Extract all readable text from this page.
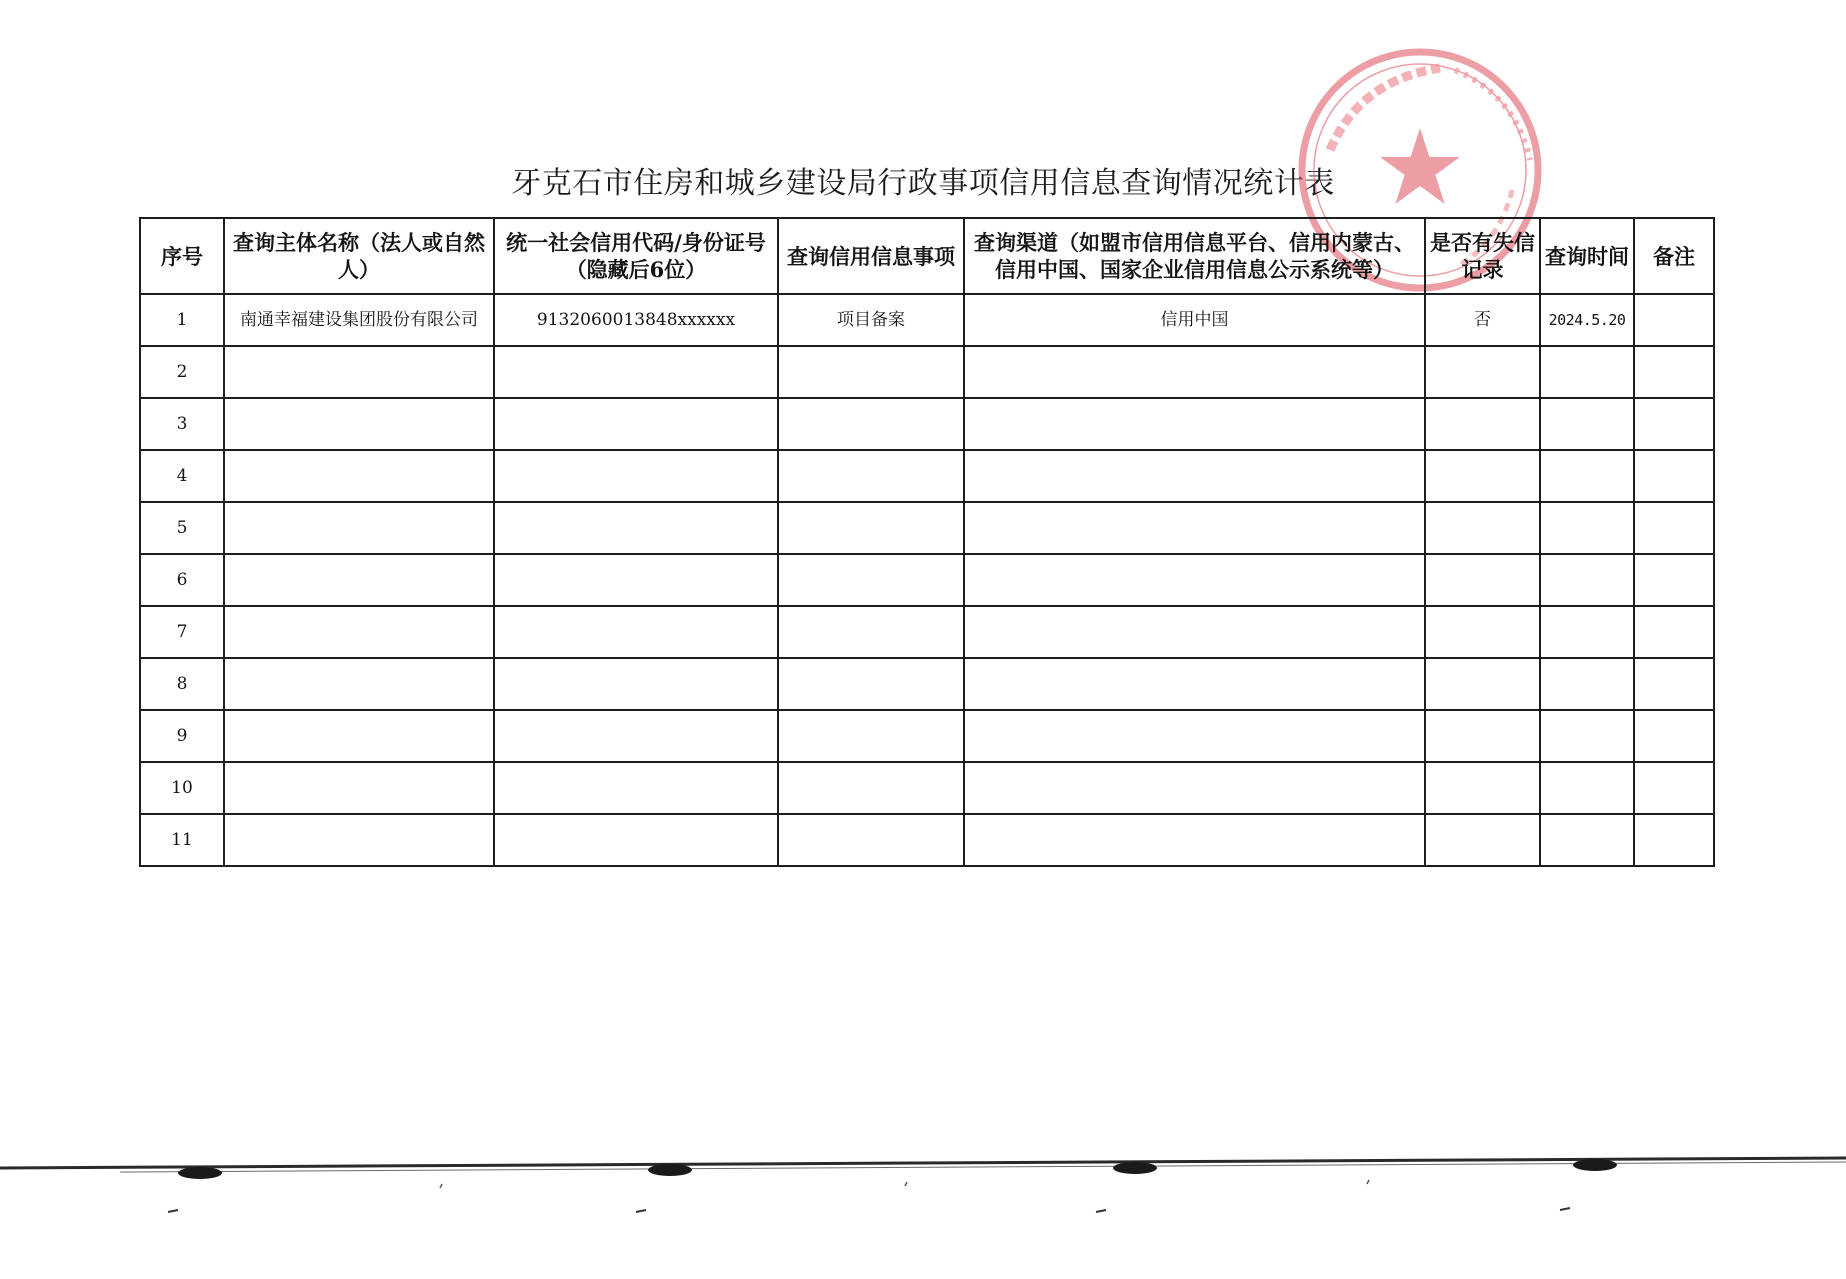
牙克石市住房和城乡建设局行政事项信用信息查询情况统计表
序号	查询主体名称（法人或自然人）	统一社会信用代码/身份证号（隐藏后6位）	查询信用信息事项	查询渠道（如盟市信用信息平台、信用内蒙古、信用中国、国家企业信用信息公示系统等）	是否有失信记录	查询时间	备注
1	南通幸福建设集团股份有限公司	9132060013848xxxxxx	项目备案	信用中国	否	2024.5.20	
2							
3							
4							
5							
6							
7							
8							
9							
10							
11							
